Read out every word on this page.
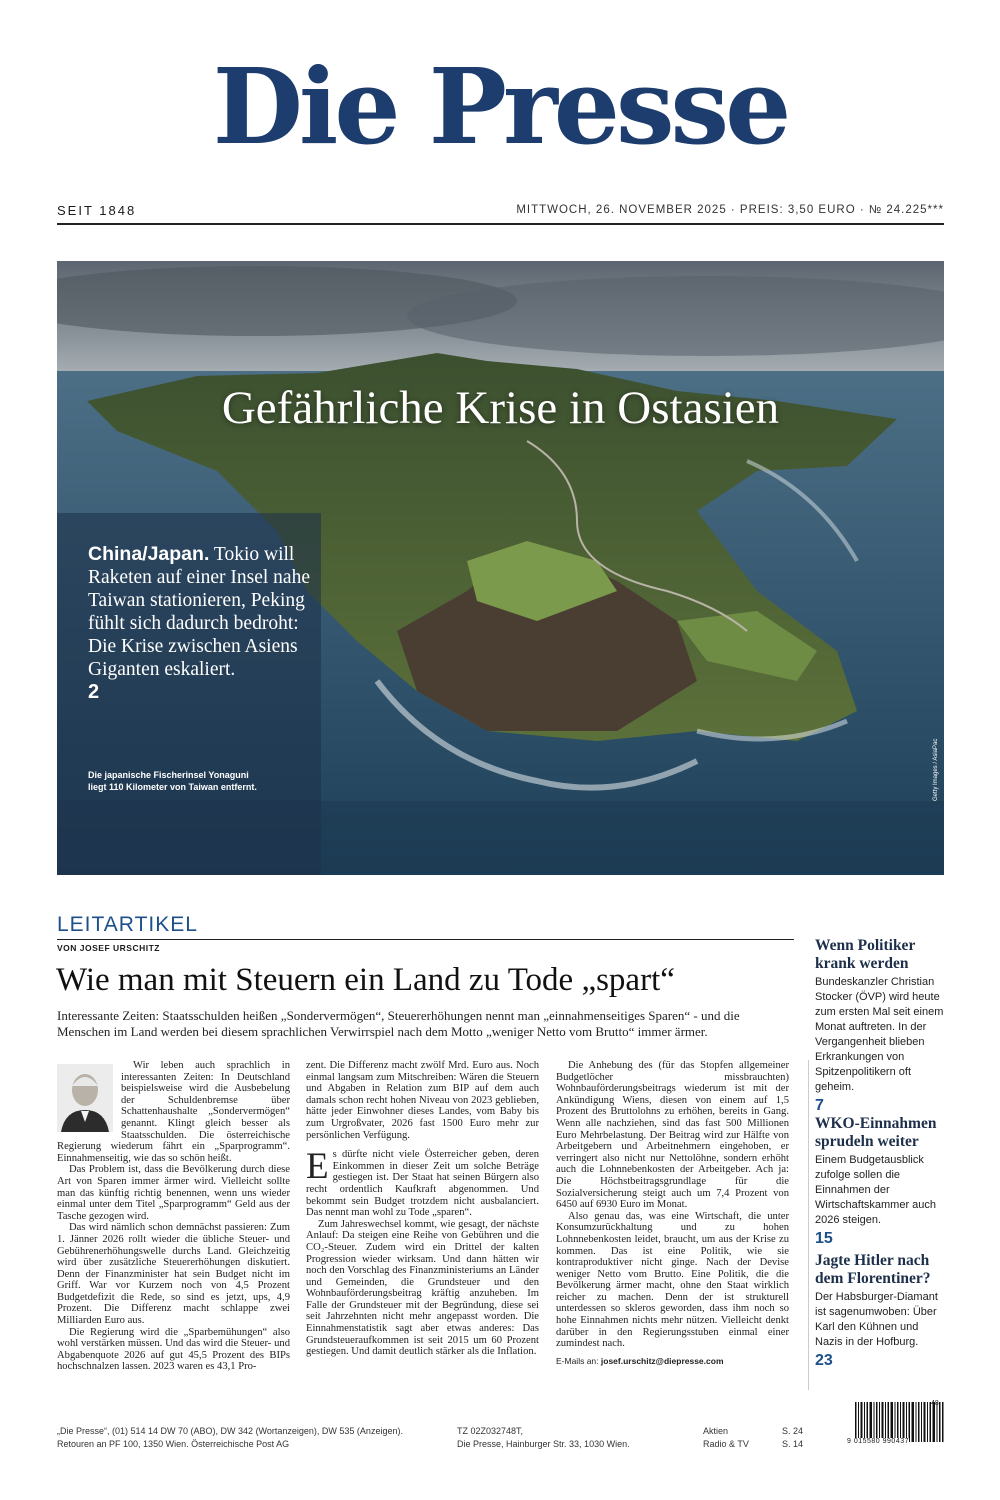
Die Presse
SEIT 1848	MITTWOCH, 26. NOVEMBER 2025 · PREIS: 3,50 EURO · № 24.225***
Gefährliche Krise in Ostasien
China/Japan. Tokio will Raketen auf einer Insel nahe Taiwan stationieren, Peking fühlt sich dadurch bedroht: Die Krise zwischen Asiens Giganten eskaliert.
2
Die japanische Fischerinsel Yonaguni liegt 110 Kilometer von Taiwan entfernt.	Getty Images / AsiaPac
LEITARTIKEL
VON JOSEF URSCHITZ
Wie man mit Steuern ein Land zu Tode „spart“
Interessante Zeiten: Staatsschulden heißen „Sondervermögen“, Steuererhöhungen nennt man „einnahmenseitiges Sparen“ - und die Menschen im Land werden bei diesem sprachlichen Verwirrspiel nach dem Motto „weniger Netto vom Brutto“ immer ärmer.

Wir leben auch sprachlich in interessanten Zeiten: In Deutschland beispielsweise wird die Ausbebelung der Schuldenbremse über Schattenhaushalte „Sondervermögen“ genannt. Klingt gleich besser als Staatsschulden. Die österreichische Regierung wiederum fährt ein „Sparprogramm“. Einnahmenseitig, wie das so schön heißt.

Das Problem ist, dass die Bevölkerung durch diese Art von Sparen immer ärmer wird. Vielleicht sollte man das künftig richtig benennen, wenn uns wieder einmal unter dem Titel „Sparprogramm“ Geld aus der Tasche gezogen wird.

Das wird nämlich schon demnächst passieren: Zum 1. Jänner 2026 rollt wieder die übliche Steuer- und Gebührenerhöhungswelle durchs Land. Gleichzeitig wird über zusätzliche Steuererhöhungen diskutiert. Denn der Finanzminister hat sein Budget nicht im Griff. War vor Kurzem noch von 4,5 Prozent Budgetdefizit die Rede, so sind es jetzt, ups, 4,9 Prozent. Die Differenz macht schlappe zwei Milliarden Euro aus.

Die Regierung wird die „Sparbemühungen“ also wohl verstärken müssen. Und das wird die Steuer- und Abgabenquote 2026 auf gut 45,5 Prozent des BIPs hochschnalzen lassen. 2023 waren es 43,1 Pro-

zent. Die Differenz macht zwölf Mrd. Euro aus. Noch einmal langsam zum Mitschreiben: Wären die Steuern und Abgaben in Relation zum BIP auf dem auch damals schon recht hohen Niveau von 2023 geblieben, hätte jeder Einwohner dieses Landes, vom Baby bis zum Urgroßvater, 2026 fast 1500 Euro mehr zur persönlichen Verfügung.

Es dürfte nicht viele Österreicher geben, deren Einkommen in dieser Zeit um solche Beträge gestiegen ist. Der Staat hat seinen Bürgern also recht ordentlich Kaufkraft abgenommen. Und bekommt sein Budget trotzdem nicht ausbalanciert. Das nennt man wohl zu Tode „sparen“.

Zum Jahreswechsel kommt, wie gesagt, der nächste Anlauf: Da steigen eine Reihe von Gebühren und die CO₂-Steuer. Zudem wird ein Drittel der kalten Progression wieder wirksam. Und dann hätten wir noch den Vorschlag des Finanzministeriums an Länder und Gemeinden, die Grundsteuer und den Wohnbauförderungsbeitrag kräftig anzuheben. Im Falle der Grundsteuer mit der Begründung, diese sei seit Jahrzehnten nicht mehr angepasst worden. Die Einnahmenstatistik sagt aber etwas anderes: Das Grundsteueraufkommen ist seit 2015 um 60 Prozent gestiegen. Und damit deutlich stärker als die Inflation.

Die Anhebung des (für das Stopfen allgemeiner Budgetlöcher missbrauchten) Wohnbauförderungsbeitrags wiederum ist mit der Ankündigung Wiens, diesen von einem auf 1,5 Prozent des Bruttolohns zu erhöhen, bereits in Gang. Wenn alle nachziehen, sind das fast 500 Millionen Euro Mehrbelastung. Der Beitrag wird zur Hälfte von Arbeitgebern und Arbeitnehmern eingehoben, er verringert also nicht nur Nettolöhne, sondern erhöht auch die Lohnnebenkosten der Arbeitgeber. Ach ja: Die Höchstbeitragsgrundlage für die Sozialversicherung steigt auch um 7,4 Prozent von 6450 auf 6930 Euro im Monat.

Also genau das, was eine Wirtschaft, die unter Konsumzurückhaltung und zu hohen Lohnnebenkosten leidet, braucht, um aus der Krise zu kommen. Das ist eine Politik, wie sie kontraproduktiver nicht ginge. Nach der Devise weniger Netto vom Brutto. Eine Politik, die die Bevölkerung ärmer macht, ohne den Staat wirklich reicher zu machen. Denn der ist strukturell unterdessen so skleros geworden, dass ihm noch so hohe Einnahmen nichts mehr nützen. Vielleicht denkt darüber in den Regierungsstuben einmal einer zumindest nach.

E-Mails an: josef.urschitz@diepresse.com

Wenn Politiker krank werden

Bundeskanzler Christian Stocker (ÖVP) wird heute zum ersten Mal seit einem Monat auftreten. In der Vergangenheit blieben Erkrankungen von Spitzenpolitikern oft geheim.

7
WKO-Einnahmen sprudeln weiter

Einem Budgetausblick zufolge sollen die Einnahmen der Wirtschaftskammer auch 2026 steigen.

15
Jagte Hitler nach dem Florentiner?

Der Habsburger-Diamant ist sagenumwoben: Über Karl den Kühnen und Nazis in der Hofburg.

23
„Die Presse“, (01) 514 14 DW 70 (ABO), DW 342 (Wortanzeigen), DW 535 (Anzeigen).
Retouren an PF 100, 1350 Wien. Österreichische Post AG
TZ 02Z032748T,
Die Presse, Hainburger Str. 33, 1030 Wien.
Aktien	S. 24
Radio & TV	S. 14
48
9 015580 990437
